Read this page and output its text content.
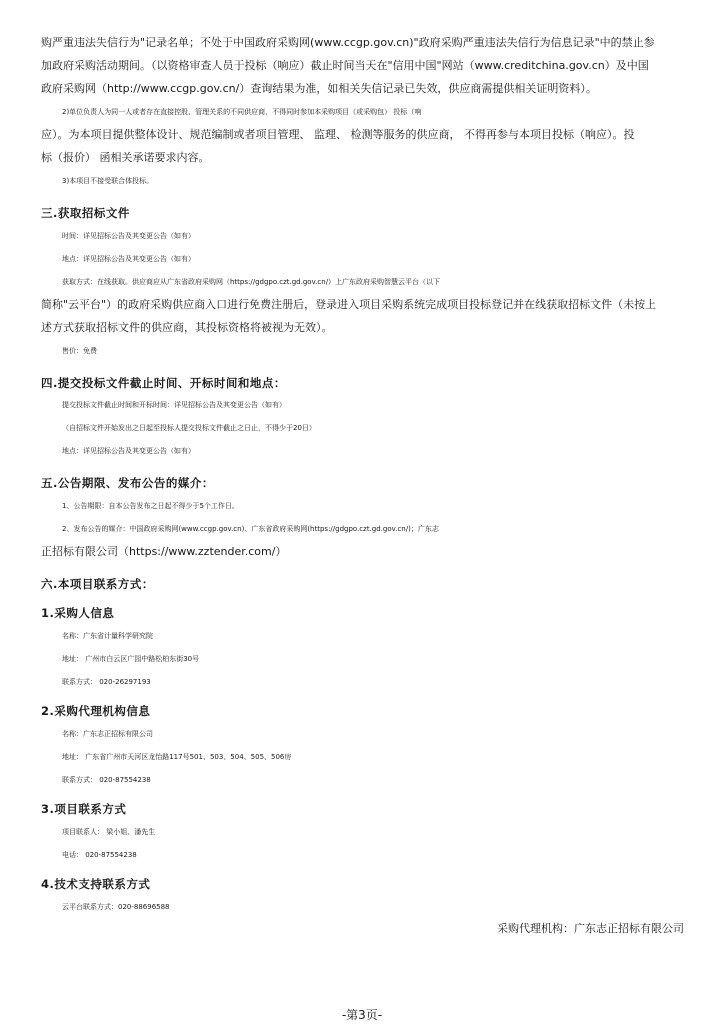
购严重违法失信行为"记录名单；不处于中国政府采购网(www.ccgp.gov.cn)"政府采购严重违法失信行为信息记录"中的禁止参
加政府采购活动期间。（以资格审查人员于投标（响应）截止时间当天在"信用中国"网站（www.creditchina.gov.cn）及中国
政府采购网（http://www.ccgp.gov.cn/）查询结果为准，如相关失信记录已失效，供应商需提供相关证明资料）。
2)单位负责人为同一人或者存在直接控股、管理关系的不同供应商，不得同时参加本采购项目（或采购包） 投标（响
应）。为本项目提供整体设计、规范编制或者项目管理、 监理、 检测等服务的供应商， 不得再参与本项目投标（响应）。投
标（报价） 函相关承诺要求内容。
3)本项目不接受联合体投标。
三.获取招标文件
时间：详见招标公告及其变更公告（如有）
地点：详见招标公告及其变更公告（如有）
获取方式：在线获取。供应商应从广东省政府采购网（https://gdgpo.czt.gd.gov.cn/）上广东政府采购智慧云平台（以下
简称"云平台"）的政府采购供应商入口进行免费注册后，登录进入项目采购系统完成项目投标登记并在线获取招标文件（未按上
述方式获取招标文件的供应商，其投标资格将被视为无效）。
售价：免费
四.提交投标文件截止时间、开标时间和地点：
提交投标文件截止时间和开标时间：详见招标公告及其变更公告（如有）
（自招标文件开始发出之日起至投标人提交投标文件截止之日止，不得少于20日）
地点：详见招标公告及其变更公告（如有）
五.公告期限、发布公告的媒介：
1、公告期限：自本公告发布之日起不得少于5个工作日。
2、发布公告的媒介：中国政府采购网(www.ccgp.gov.cn)、广东省政府采购网(https://gdgpo.czt.gd.gov.cn/)；广东志
正招标有限公司（https://www.zztender.com/）
六.本项目联系方式：
1.采购人信息
名称：广东省计量科学研究院
地址： 广州市白云区广园中路松柏东街30号
联系方式： 020-26297193
2.采购代理机构信息
名称：广东志正招标有限公司
地址： 广东省广州市天河区龙怡路117号501、503、504、505、506房
联系方式： 020-87554238
3.项目联系方式
项目联系人： 梁小姐、潘先生
电话： 020-87554238
4.技术支持联系方式
云平台联系方式：020-88696588
采购代理机构：广东志正招标有限公司
-第3页-
